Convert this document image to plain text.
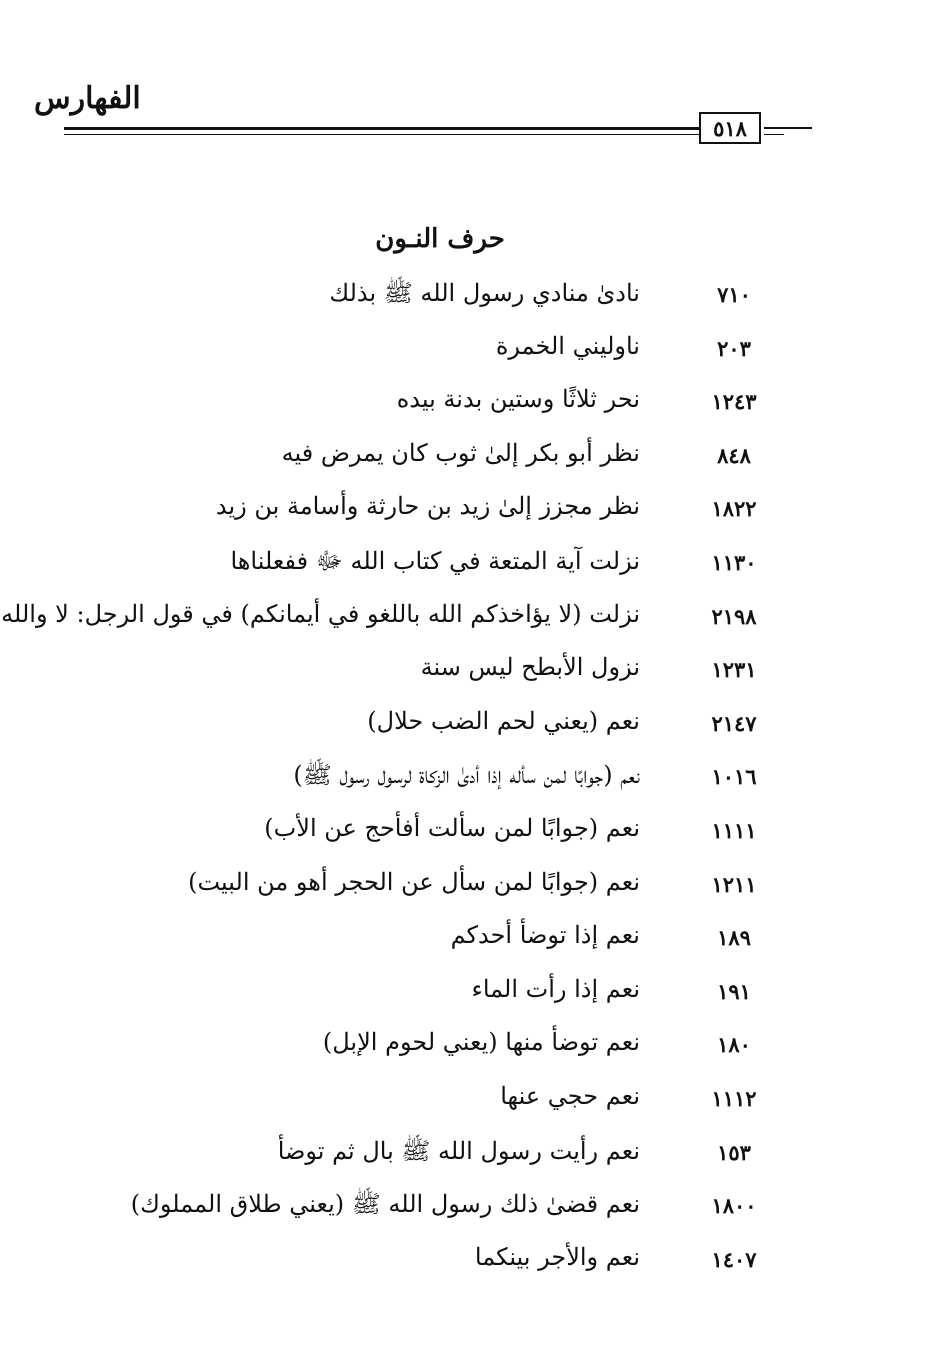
الفهارس
٥١٨
حرف النـون
٧١٠
نادىٰ منادي رسول الله ﷺ بذلك
٢٠٣
ناوليني الخمرة
١٢٤٣
نحر ثلاثًا وستين بدنة بيده
٨٤٨
نظر أبو بكر إلىٰ ثوب كان يمرض فيه
١٨٢٢
نظر مجزز إلىٰ زيد بن حارثة وأسامة بن زيد
١١٣٠
نزلت آية المتعة في كتاب الله ﷻ ففعلناها
٢١٩٨
نزلت (لا يؤاخذكم الله باللغو في أيمانكم) في قول الرجل: لا والله
١٢٣١
نزول الأبطح ليس سنة
٢١٤٧
نعم (يعني لحم الضب حلال)
١٠١٦
نعم (جوابًا لمن سأله إذا أدىٰ الزكاة لرسول رسول ﷺ)
١١١١
نعم (جوابًا لمن سألت أفأحج عن الأب)
١٢١١
نعم (جوابًا لمن سأل عن الحجر أهو من البيت)
١٨٩
نعم إذا توضأ أحدكم
١٩١
نعم إذا رأت الماء
١٨٠
نعم توضأ منها (يعني لحوم الإبل)
١١١٢
نعم حجي عنها
١٥٣
نعم رأيت رسول الله ﷺ بال ثم توضأ
١٨٠٠
نعم قضىٰ ذلك رسول الله ﷺ (يعني طلاق المملوك)
١٤٠٧
نعم والأجر بينكما
